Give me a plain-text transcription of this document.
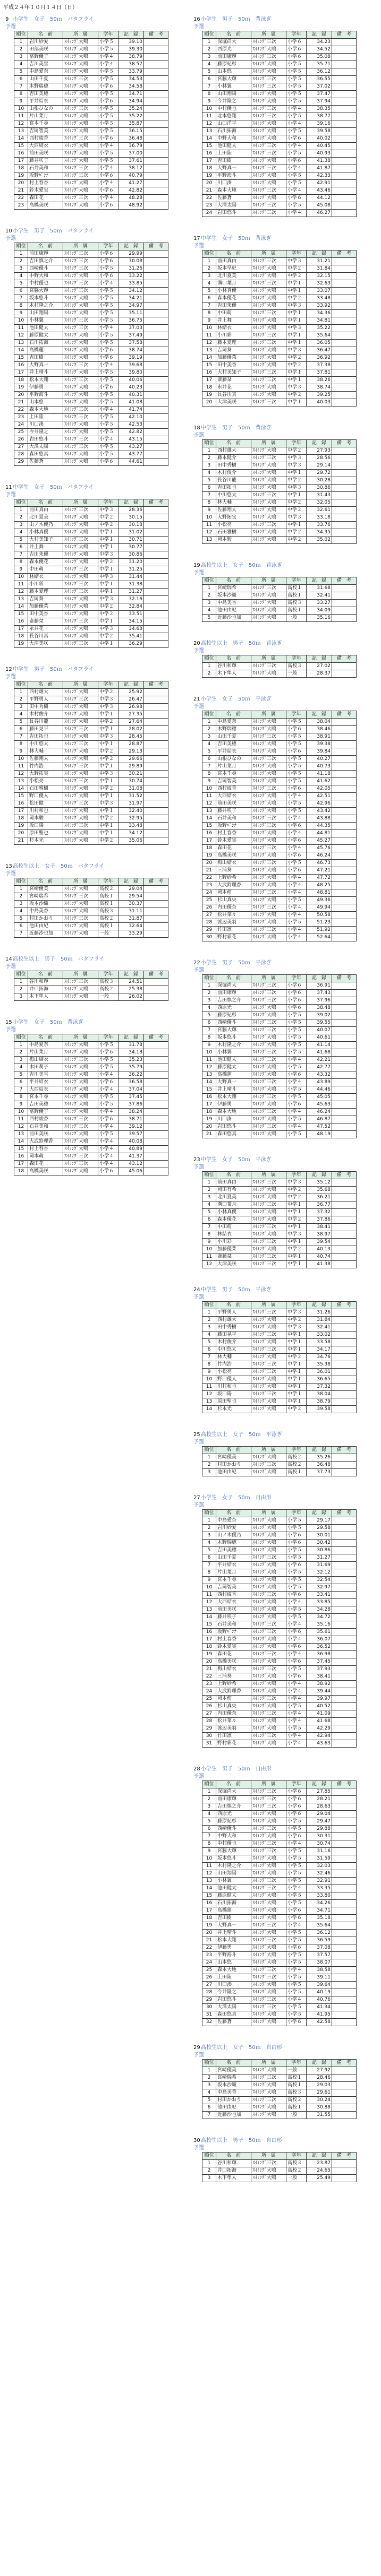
平成２４年１０月１４日（日）
9 小学生　女子　50ｍ　バタフライ
予選
順位	名　前	所　属	学年	記　録	備　考
1	岩川紗愛	ｽｲﾐﾝｸﾞ大鳴	小学５	39.10	
2	田部美咲	ｽｲﾐﾝｸﾞ大鳴	小学５	39.30	
3	冨野優子	ｽｲﾐﾝｸﾞ大鳴	小学４	38.79	
4	吉川美雪	ｽｲﾐﾝｸﾞ大鳴	小学４	38.57	
5	中島愛奈	ｽｲﾐﾝｸﾞ大鳴	小学５	33.79	
6	山田千夏	ｽｲﾐﾝｸﾞ三次	小学５	34.53	
7	木野瑞穂	ｽｲﾐﾝｸﾞ大鳴	小学６	34.58	
8	吉田美穂	ｽｲﾐﾝｸﾞ大鳴	小学５	34.71	
9	平井結衣	ｽｲﾐﾝｸﾞ大鳴	小学６	34.94	
10	山根ひなの	ｽｲﾐﾝｸﾞ三次	小学５	35.24	
11	片山菜月	ｽｲﾐﾝｸﾞ大鳴	小学５	35.22	
12	宮本千尋	ｽｲﾐﾝｸﾞ大鳴	小学５	35.87	
13	吉岡智美	ｽｲﾐﾝｸﾞ大鳴	小学５	36.15	
14	西村綾香	ｽｲﾐﾝｸﾞ三次	小学６	36.48	
15	大西結衣	ｽｲﾐﾝｸﾞ大鳴	小学４	36.79	
16	前田美咲	ｽｲﾐﾝｸﾞ大鳴	小学５	37.00	
17	藤井咲子	ｽｲﾐﾝｸﾞ大鳴	小学５	37.61	
18	石井美和	ｽｲﾐﾝｸﾞ三次	小学４	38.12	
19	坂野ﾊﾟﾝﾅ	ｽｲﾐﾝｸﾞ三次	小学６	40.79	
20	村上春香	ｽｲﾐﾝｸﾞ大鳴	小学４	41.27	
21	鈴木愛実	ｽｲﾐﾝｸﾞ大鳴	小学６	42.82	
22	森田花	ｽｲﾐﾝｸﾞ三次	小学４	48.28	
23	高橋美咲	ｽｲﾐﾝｸﾞ大鳴	小学６	48.92	
10小学生　男子　50ｍ　バタフライ
予選
順位	名　前	所　属	学年	記　録	備　考
1	前田康輝	ｽｲﾐﾝｸﾞ三次	小学６	29.99	
2	吉田慎之介	ｽｲﾐﾝｸﾞ三次	小学６	30.08	
3	西崎優斗	ｽｲﾐﾝｸﾞ三次	小学５	31.26	
4	中野大和	ｽｲﾐﾝｸﾞ大鳴	小学６	33.22	
5	中村優也	ｽｲﾐﾝｸﾞ三次	小学４	33.85	
6	宮脇大輝	ｽｲﾐﾝｸﾞ三次	小学５	34.12	
7	坂本悠斗	ｽｲﾐﾝｸﾞ大鳴	小学５	34.21	
8	木村隆之介	ｽｲﾐﾝｸﾞ大鳴	小学５	34.97	
9	山田翔陽	ｽｲﾐﾝｸﾞ大鳴	小学５	35.11	
10	小林翼	ｽｲﾐﾝｸﾞ三次	小学５	36.75	
11	池田健太	ｽｲﾐﾝｸﾞ三次	小学４	37.03	
12	藤原健太	ｽｲﾐﾝｸﾞ大鳴	小学５	37.49	
13	石川拓海	ｽｲﾐﾝｸﾞ大鳴	小学５	37.58	
14	高橋蓮	ｽｲﾐﾝｸﾞ大鳴	小学６	38.74	
15	吉田樹	ｽｲﾐﾝｸﾞ大鳴	小学６	39.19	
16	大野真一	ｽｲﾐﾝｸﾞ三次	小学４	39.68	
17	井上晴斗	ｽｲﾐﾝｸﾞ大鳴	小学５	39.80	
18	松本大翔	ｽｲﾐﾝｸﾞ三次	小学５	40.06	
19	伊藤勇	ｽｲﾐﾝｸﾞ大鳴	小学６	40.23	
20	平野海斗	ｽｲﾐﾝｸﾞ大鳴	小学５	40.31	
21	山本悠	ｽｲﾐﾝｸﾞ大鳴	小学５	41.08	
22	森本大地	ｽｲﾐﾝｸﾞ三次	小学４	41.74	
23	上田陸	ｽｲﾐﾝｸﾞ三次	小学５	42.10	
24	川口湊	ｽｲﾐﾝｸﾞ大鳴	小学５	42.53	
25	今井隆之	ｽｲﾐﾝｸﾞ大鳴	小学５	42.82	
26	岩田悠斗	ｽｲﾐﾝｸﾞ三次	小学４	43.15	
27	大澤太陽	ｽｲﾐﾝｸﾞ三次	小学５	43.27	
28	森田悠真	ｽｲﾐﾝｸﾞ大鳴	小学５	43.77	
29	佐藤蒼	ｽｲﾐﾝｸﾞ大鳴	小学６	44.61	
11中学生　女子　50ｍ　バタフライ
予選
順位	名　前	所　属	学年	記　録	備　考
1	前田真由	ｽｲﾐﾝｸﾞ三次	中学３	28.36	
2	北川夏美	ｽｲﾐﾝｸﾞ大鳴	中学２	30.15	
3	山ノ木優乃	ｽｲﾐﾝｸﾞ大鳴	中学２	30.18	
4	小林真優	ｽｲﾐﾝｸﾞ大鳴	中学１	31.02	
5	大村美知子	ｽｲﾐﾝｸﾞ三次	中学１	30.71	
6	井上舞	ｽｲﾐﾝｸﾞ大鳴	中学１	30.77	
7	吉田茉優	ｽｲﾐﾝｸﾞ大鳴	中学３	30.86	
8	森本優花	ｽｲﾐﾝｸﾞ大鳴	中学２	31.20	
9	中田萌	ｽｲﾐﾝｸﾞ三次	中学１	31.25	
10	林結衣	ｽｲﾐﾝｸﾞ大鳴	中学３	31.44	
11	小川彩	ｽｲﾐﾝｸﾞ三次	中学１	31.38	
12	藤本愛理	ｽｲﾐﾝｸﾞ三次	中学１	31.27	
13	吉岡葵	ｽｲﾐﾝｸﾞ大鳴	中学３	32.16	
14	加藤優菜	ｽｲﾐﾝｸﾞ大鳴	中学２	32.84	
15	田中美香	ｽｲﾐﾝｸﾞ大鳴	中学２	33.51	
16	斎藤栞	ｽｲﾐﾝｸﾞ三次	中学１	34.15	
17	永井花	ｽｲﾐﾝｸﾞ大鳴	中学３	34.68	
18	長谷川真	ｽｲﾐﾝｸﾞ大鳴	中学２	35.41	
19	大津美咲	ｽｲﾐﾝｸﾞ三次	中学１	36.29	
12中学生　男子　50ｍ　バタフライ
予選
順位	名　前	所　属	学年	記　録	備　考
1	西村雄大	ｽｲﾐﾝｸﾞ大鳴	中学２	25.92	
2	平野勇人	ｽｲﾐﾝｸﾞ三次	中学３	26.47	
3	田中秀樹	ｽｲﾐﾝｸﾞ大鳴	中学３	26.98	
4	木村俊介	ｽｲﾐﾝｸﾞ大鳴	中学１	27.35	
5	長谷川龍	ｽｲﾐﾝｸﾞ大鳴	中学２	27.64	
6	藤田晃平	ｽｲﾐﾝｸﾞ三次	中学１	28.02	
7	吉田拓也	ｽｲﾐﾝｸﾞ大鳴	中学３	28.45	
8	中川悠太	ｽｲﾐﾝｸﾞ三次	中学１	28.87	
9	林大輔	ｽｲﾐﾝｸﾞ大鳴	中学２	29.13	
10	佐藤翔太	ｽｲﾐﾝｸﾞ大鳴	中学２	29.66	
11	竹内浩	ｽｲﾐﾝｸﾞ三次	中学１	29.89	
12	大野拓実	ｽｲﾐﾝｸﾞ大鳴	中学３	30.21	
13	小松亮	ｽｲﾐﾝｸﾞ三次	中学１	30.74	
14	石田雅樹	ｽｲﾐﾝｸﾞ大鳴	中学２	31.08	
15	野口優人	ｽｲﾐﾝｸﾞ大鳴	中学１	31.52	
16	松田健	ｽｲﾐﾝｸﾞ三次	中学３	31.97	
17	川村和也	ｽｲﾐﾝｸﾞ大鳴	中学１	32.40	
18	岡本駿	ｽｲﾐﾝｸﾞ大鳴	中学２	32.95	
19	坂口陽	ｽｲﾐﾝｸﾞ三次	中学１	33.48	
20	原田聖也	ｽｲﾐﾝｸﾞ大鳴	中学１	34.12	
21	杉本光	ｽｲﾐﾝｸﾞ大鳴	中学２	35.06	
13高校生以上　女子　50ｍ　バタフライ
予選
順位	名　前	所　属	学年	記　録	備　考
1	宮崎優美	ｽｲﾐﾝｸﾞ大鳴	高校２	29.04	
2	宮崎瑞希	ｽｲﾐﾝｸﾞ三次	高校１	29.54	
3	坂本沙織	ｽｲﾐﾝｸﾞ大鳴	高校１	30.37	
4	中島美香	ｽｲﾐﾝｸﾞ大鳴	高校３	31.11	
5	村田かおり	ｽｲﾐﾝｸﾞ三次	高校２	31.87	
6	池田由紀	ｽｲﾐﾝｸﾞ大鳴	高校１	32.64	
7	近藤沙也加	ｽｲﾐﾝｸﾞ大鳴	一般	33.29	
14高校生以上　男子　50ｍ　バタフライ
予選
順位	名　前	所　属	学年	記　録	備　考
1	谷川和輝	ｽｲﾐﾝｸﾞ三次	高校３	24.51	
2	井口拓海	ｽｲﾐﾝｸﾞ大鳴	高校２	25.38	
3	木下隼人	ｽｲﾐﾝｸﾞ大鳴	一般	26.02	
15小学生　女子　50ｍ　背泳ぎ
予選
順位	名　前	所　属	学年	記　録	備　考
1	中島愛奈	ｽｲﾐﾝｸﾞ大鳴	小学５	31.78	
2	片山菜月	ｽｲﾐﾝｸﾞ大鳴	小学６	34.18	
3	梅山結衣	ｽｲﾐﾝｸﾞ三次	小学５	35.23	
4	木田莉子	ｽｲﾐﾝｸﾞ大鳴	小学５	35.79	
5	吉川美雪	ｽｲﾐﾝｸﾞ大鳴	小学４	36.22	
6	平井結衣	ｽｲﾐﾝｸﾞ大鳴	小学６	36.58	
7	大西結衣	ｽｲﾐﾝｸﾞ大鳴	小学４	37.04	
8	宮本千尋	ｽｲﾐﾝｸﾞ大鳴	小学５	37.45	
9	吉田美穂	ｽｲﾐﾝｸﾞ大鳴	小学５	37.86	
10	冨野優子	ｽｲﾐﾝｸﾞ大鳴	小学４	38.24	
11	西村綾香	ｽｲﾐﾝｸﾞ三次	小学６	38.71	
12	石井美和	ｽｲﾐﾝｸﾞ三次	小学４	39.12	
13	前田美咲	ｽｲﾐﾝｸﾞ大鳴	小学５	39.57	
14	大武鈴理香	ｽｲﾐﾝｸﾞ大鳴	小学４	40.08	
15	村上春香	ｽｲﾐﾝｸﾞ大鳴	小学４	40.89	
16	岡本萌	ｽｲﾐﾝｸﾞ三次	小学４	41.37	
17	森田花	ｽｲﾐﾝｸﾞ三次	小学４	43.12	
18	高橋美咲	ｽｲﾐﾝｸﾞ大鳴	小学６	45.06	
16小学生　男子　50ｍ　背泳ぎ
予選
順位	名　前	所　属	学年	記　録	備　考
1	深堀尚大	ｽｲﾐﾝｸﾞ三次	小学６	34.23	
2	西原光	ｽｲﾐﾝｸﾞ大鳴	小学６	34.52	
3	前田康輝	ｽｲﾐﾝｸﾞ三次	小学６	35.08	
4	藤原紀彰	ｽｲﾐﾝｸﾞ大鳴	小学５	35.71	
5	山本悠	ｽｲﾐﾝｸﾞ大鳴	小学５	36.12	
6	宮脇大輝	ｽｲﾐﾝｸﾞ三次	小学５	36.55	
7	小林翼	ｽｲﾐﾝｸﾞ三次	小学５	37.02	
8	山田翔陽	ｽｲﾐﾝｸﾞ大鳴	小学５	37.47	
9	今井隆之	ｽｲﾐﾝｸﾞ大鳴	小学５	37.94	
10	中村優也	ｽｲﾐﾝｸﾞ三次	小学４	38.35	
11	北本悠翔	ｽｲﾐﾝｸﾞ三次	小学５	38.77	
12	山口洋平	ｽｲﾐﾝｸﾞ大鳴	小学４	39.16	
13	石川拓海	ｽｲﾐﾝｸﾞ大鳴	小学５	39.58	
14	中野大和	ｽｲﾐﾝｸﾞ大鳴	小学６	40.02	
15	池田健太	ｽｲﾐﾝｸﾞ三次	小学４	40.45	
16	上田陸	ｽｲﾐﾝｸﾞ三次	小学５	40.93	
17	吉田樹	ｽｲﾐﾝｸﾞ大鳴	小学６	41.38	
18	大野真一	ｽｲﾐﾝｸﾞ三次	小学４	41.87	
19	平野海斗	ｽｲﾐﾝｸﾞ大鳴	小学５	42.33	
20	川口湊	ｽｲﾐﾝｸﾞ大鳴	小学５	42.91	
21	森本大地	ｽｲﾐﾝｸﾞ三次	小学４	43.46	
22	佐藤蒼	ｽｲﾐﾝｸﾞ大鳴	小学６	44.12	
23	大澤太陽	ｽｲﾐﾝｸﾞ三次	小学５	45.08	
24	岩田悠斗	ｽｲﾐﾝｸﾞ三次	小学４	46.27	
17中学生　女子　50ｍ　背泳ぎ
予選
順位	名　前	所　属	学年	記　録	備　考
1	前田真由	ｽｲﾐﾝｸﾞ三次	中学３	31.21	
2	坂本早紀	ｽｲﾐﾝｸﾞ大鳴	中学２	31.84	
3	北川夏美	ｽｲﾐﾝｸﾞ大鳴	中学２	32.15	
4	溝口葉月	ｽｲﾐﾝｸﾞ三次	中学１	32.63	
5	小林真優	ｽｲﾐﾝｸﾞ大鳴	中学１	33.07	
6	森本優花	ｽｲﾐﾝｸﾞ大鳴	中学２	33.48	
7	吉田茉優	ｽｲﾐﾝｸﾞ大鳴	中学３	33.92	
8	中田萌	ｽｲﾐﾝｸﾞ三次	中学１	34.36	
9	井上舞	ｽｲﾐﾝｸﾞ大鳴	中学１	34.81	
10	林結衣	ｽｲﾐﾝｸﾞ大鳴	中学３	35.22	
11	小川彩	ｽｲﾐﾝｸﾞ三次	中学１	35.64	
12	藤本愛理	ｽｲﾐﾝｸﾞ三次	中学１	36.05	
13	吉岡葵	ｽｲﾐﾝｸﾞ大鳴	中学３	36.47	
14	加藤優菜	ｽｲﾐﾝｸﾞ大鳴	中学２	36.92	
15	田中美香	ｽｲﾐﾝｸﾞ大鳴	中学２	37.38	
16	大村美知子	ｽｲﾐﾝｸﾞ三次	中学１	37.81	
17	斎藤栞	ｽｲﾐﾝｸﾞ三次	中学１	38.26	
18	永井花	ｽｲﾐﾝｸﾞ大鳴	中学３	38.74	
19	長谷川真	ｽｲﾐﾝｸﾞ大鳴	中学２	39.25	
20	大津美咲	ｽｲﾐﾝｸﾞ三次	中学１	40.03	
18中学生　男子　50ｍ　背泳ぎ
予選
順位	名　前	所　属	学年	記　録	備　考
1	西村雄大	ｽｲﾐﾝｸﾞ大鳴	中学２	27.93	
2	藤本健介	ｽｲﾐﾝｸﾞ三次	中学３	28.56	
3	田中秀樹	ｽｲﾐﾝｸﾞ大鳴	中学３	29.14	
4	木村俊介	ｽｲﾐﾝｸﾞ大鳴	中学１	29.72	
5	長谷川龍	ｽｲﾐﾝｸﾞ大鳴	中学２	30.28	
6	吉田拓也	ｽｲﾐﾝｸﾞ大鳴	中学３	30.86	
7	中川悠太	ｽｲﾐﾝｸﾞ三次	中学１	31.43	
8	林大輔	ｽｲﾐﾝｸﾞ大鳴	中学２	32.05	
9	佐藤翔太	ｽｲﾐﾝｸﾞ大鳴	中学２	32.61	
10	大野拓実	ｽｲﾐﾝｸﾞ大鳴	中学３	33.18	
11	小松亮	ｽｲﾐﾝｸﾞ三次	中学１	33.76	
12	石田雅樹	ｽｲﾐﾝｸﾞ大鳴	中学２	34.35	
13	岡本駿	ｽｲﾐﾝｸﾞ大鳴	中学２	35.02	
19高校生以上　女子　50ｍ　背泳ぎ
予選
順位	名　前	所　属	学年	記　録	備　考
1	宮崎瑞希	ｽｲﾐﾝｸﾞ三次	高校１	31.68	
2	坂本沙織	ｽｲﾐﾝｸﾞ大鳴	高校１	32.41	
3	中島美香	ｽｲﾐﾝｸﾞ大鳴	高校３	33.27	
4	池田由紀	ｽｲﾐﾝｸﾞ大鳴	高校１	34.09	
5	近藤沙也加	ｽｲﾐﾝｸﾞ大鳴	一般	35.16	
20高校生以上　男子　50ｍ　背泳ぎ
予選
順位	名　前	所　属	学年	記　録	備　考
1	谷川和輝	ｽｲﾐﾝｸﾞ三次	高校３	27.02	
2	木下隼人	ｽｲﾐﾝｸﾞ大鳴	一般	28.37	
21小学生　女子　50ｍ　平泳ぎ
予選
順位	名　前	所　属	学年	記　録	備　考
1	中島愛奈	ｽｲﾐﾝｸﾞ大鳴	小学５	38.04	
2	木野瑞穂	ｽｲﾐﾝｸﾞ大鳴	小学６	38.46	
3	山田千夏	ｽｲﾐﾝｸﾞ三次	小学５	38.91	
4	吉田美穂	ｽｲﾐﾝｸﾞ大鳴	小学５	39.38	
5	平井結衣	ｽｲﾐﾝｸﾞ大鳴	小学６	39.84	
6	山根ひなの	ｽｲﾐﾝｸﾞ三次	小学５	40.27	
7	片山菜月	ｽｲﾐﾝｸﾞ大鳴	小学５	40.73	
8	宮本千尋	ｽｲﾐﾝｸﾞ大鳴	小学５	41.18	
9	吉岡智美	ｽｲﾐﾝｸﾞ大鳴	小学５	41.62	
10	西村綾香	ｽｲﾐﾝｸﾞ三次	小学６	42.05	
11	大西結衣	ｽｲﾐﾝｸﾞ大鳴	小学４	42.51	
12	前田美咲	ｽｲﾐﾝｸﾞ大鳴	小学５	42.96	
13	藤井咲子	ｽｲﾐﾝｸﾞ大鳴	小学５	43.42	
14	石井美和	ｽｲﾐﾝｸﾞ三次	小学４	43.88	
15	坂野ﾊﾟﾝﾅ	ｽｲﾐﾝｸﾞ三次	小学６	44.35	
16	村上春香	ｽｲﾐﾝｸﾞ大鳴	小学４	44.81	
17	鈴木愛実	ｽｲﾐﾝｸﾞ大鳴	小学６	45.27	
18	森田花	ｽｲﾐﾝｸﾞ三次	小学４	45.76	
19	高橋美咲	ｽｲﾐﾝｸﾞ大鳴	小学６	46.24	
20	梅山結衣	ｽｲﾐﾝｸﾞ三次	小学５	46.73	
21	三浦葵	ｽｲﾐﾝｸﾞ大鳴	小学６	47.21	
22	上野紗希	ｽｲﾐﾝｸﾞ大鳴	小学４	47.72	
23	大武鈴理香	ｽｲﾐﾝｸﾞ大鳴	小学４	48.25	
24	岡本萌	ｽｲﾐﾝｸﾞ三次	小学４	48.81	
25	杉山真央	ｽｲﾐﾝｸﾞ大鳴	小学５	49.36	
26	内田優奈	ｽｲﾐﾝｸﾞ三次	小学４	49.94	
27	松井菜々	ｽｲﾐﾝｸﾞ大鳴	小学４	50.58	
28	渡辺美羽	ｽｲﾐﾝｸﾞ大鳴	小学５	51.23	
29	竹田凛	ｽｲﾐﾝｸﾞ三次	小学４	51.92	
30	野村彩花	ｽｲﾐﾝｸﾞ大鳴	小学４	52.64	
22小学生　男子　50ｍ　平泳ぎ
予選
順位	名　前	所　属	学年	記　録	備　考
1	深堀尚大	ｽｲﾐﾝｸﾞ三次	小学６	36.91	
2	前田康輝	ｽｲﾐﾝｸﾞ三次	小学６	37.43	
3	吉田慎之介	ｽｲﾐﾝｸﾞ三次	小学６	37.96	
4	西原光	ｽｲﾐﾝｸﾞ大鳴	小学６	38.48	
5	藤原紀彰	ｽｲﾐﾝｸﾞ大鳴	小学５	39.02	
6	西崎優斗	ｽｲﾐﾝｸﾞ三次	小学５	39.55	
7	宮脇大輝	ｽｲﾐﾝｸﾞ三次	小学５	40.07	
8	坂本悠斗	ｽｲﾐﾝｸﾞ大鳴	小学５	40.61	
9	木村隆之介	ｽｲﾐﾝｸﾞ大鳴	小学５	41.14	
10	小林翼	ｽｲﾐﾝｸﾞ三次	小学５	41.68	
11	池田健太	ｽｲﾐﾝｸﾞ三次	小学４	42.21	
12	藤原健太	ｽｲﾐﾝｸﾞ大鳴	小学５	42.77	
13	高橋蓮	ｽｲﾐﾝｸﾞ大鳴	小学６	43.32	
14	大野真一	ｽｲﾐﾝｸﾞ三次	小学４	43.89	
15	井上晴斗	ｽｲﾐﾝｸﾞ大鳴	小学５	44.46	
16	松本大翔	ｽｲﾐﾝｸﾞ三次	小学５	45.05	
17	伊藤勇	ｽｲﾐﾝｸﾞ大鳴	小学６	45.63	
18	森本大地	ｽｲﾐﾝｸﾞ三次	小学４	46.24	
19	川口湊	ｽｲﾐﾝｸﾞ大鳴	小学５	46.87	
20	岩田悠斗	ｽｲﾐﾝｸﾞ三次	小学４	47.52	
21	森田悠真	ｽｲﾐﾝｸﾞ大鳴	小学５	48.19	
23中学生　女子　50ｍ　平泳ぎ
予選
順位	名　前	所　属	学年	記　録	備　考
1	前田真由	ｽｲﾐﾝｸﾞ三次	中学３	35.12	
2	岡田有希	ｽｲﾐﾝｸﾞ大鳴	中学２	35.68	
3	北川夏美	ｽｲﾐﾝｸﾞ大鳴	中学２	36.21	
4	溝口葉月	ｽｲﾐﾝｸﾞ三次	中学１	36.77	
5	小林真優	ｽｲﾐﾝｸﾞ大鳴	中学１	37.32	
6	森本優花	ｽｲﾐﾝｸﾞ大鳴	中学２	37.86	
7	中田萌	ｽｲﾐﾝｸﾞ三次	中学１	38.41	
8	林結衣	ｽｲﾐﾝｸﾞ大鳴	中学３	38.97	
9	小川彩	ｽｲﾐﾝｸﾞ三次	中学１	39.54	
10	加藤優菜	ｽｲﾐﾝｸﾞ大鳴	中学２	40.13	
11	斎藤栞	ｽｲﾐﾝｸﾞ三次	中学１	40.74	
12	大津美咲	ｽｲﾐﾝｸﾞ三次	中学１	41.38	
24中学生　男子　50ｍ　平泳ぎ
予選
順位	名　前	所　属	学年	記　録	備　考
1	平野勇人	ｽｲﾐﾝｸﾞ三次	中学３	31.26	
2	西村雄大	ｽｲﾐﾝｸﾞ大鳴	中学２	31.84	
3	田中秀樹	ｽｲﾐﾝｸﾞ大鳴	中学３	32.41	
4	藤田晃平	ｽｲﾐﾝｸﾞ三次	中学１	33.02	
5	木村俊介	ｽｲﾐﾝｸﾞ大鳴	中学１	33.58	
6	中川悠太	ｽｲﾐﾝｸﾞ三次	中学１	34.17	
7	林大輔	ｽｲﾐﾝｸﾞ大鳴	中学２	34.76	
8	竹内浩	ｽｲﾐﾝｸﾞ三次	中学１	35.38	
9	小松亮	ｽｲﾐﾝｸﾞ三次	中学１	36.01	
10	野口優人	ｽｲﾐﾝｸﾞ大鳴	中学１	36.65	
11	川村和也	ｽｲﾐﾝｸﾞ大鳴	中学１	37.32	
12	坂口陽	ｽｲﾐﾝｸﾞ三次	中学１	38.04	
13	原田聖也	ｽｲﾐﾝｸﾞ大鳴	中学１	38.79	
14	杉本光	ｽｲﾐﾝｸﾞ大鳴	中学２	39.58	
25高校生以上　女子　50ｍ　平泳ぎ
予選
順位	名　前	所　属	学年	記　録	備　考
1	宮崎優美	ｽｲﾐﾝｸﾞ大鳴	高校２	35.26	
2	村田かおり	ｽｲﾐﾝｸﾞ三次	高校２	36.48	
3	池田由紀	ｽｲﾐﾝｸﾞ大鳴	高校１	37.73	
27小学生　女子　50ｍ　自由形
予選
順位	名　前	所　属	学年	記　録	備　考
1	中島愛奈	ｽｲﾐﾝｸﾞ大鳴	小学５	29.17	
2	岩川紗愛	ｽｲﾐﾝｸﾞ大鳴	小学５	29.58	
3	山ノ木優乃	ｽｲﾐﾝｸﾞ大鳴	小学６	30.01	
4	木野瑞穂	ｽｲﾐﾝｸﾞ大鳴	小学６	30.42	
5	吉田美穂	ｽｲﾐﾝｸﾞ大鳴	小学５	30.86	
6	山田千夏	ｽｲﾐﾝｸﾞ三次	小学５	31.27	
7	平井結衣	ｽｲﾐﾝｸﾞ大鳴	小学６	31.69	
8	片山菜月	ｽｲﾐﾝｸﾞ大鳴	小学５	32.12	
9	宮本千尋	ｽｲﾐﾝｸﾞ大鳴	小学５	32.54	
10	吉岡智美	ｽｲﾐﾝｸﾞ大鳴	小学５	32.97	
11	西村綾香	ｽｲﾐﾝｸﾞ三次	小学６	33.41	
12	大西結衣	ｽｲﾐﾝｸﾞ大鳴	小学４	33.85	
13	前田美咲	ｽｲﾐﾝｸﾞ大鳴	小学５	34.28	
14	藤井咲子	ｽｲﾐﾝｸﾞ大鳴	小学５	34.72	
15	石井美和	ｽｲﾐﾝｸﾞ三次	小学４	35.16	
16	坂野ﾊﾟﾝﾅ	ｽｲﾐﾝｸﾞ三次	小学６	35.61	
17	村上春香	ｽｲﾐﾝｸﾞ大鳴	小学４	36.07	
18	鈴木愛実	ｽｲﾐﾝｸﾞ大鳴	小学６	36.52	
19	森田花	ｽｲﾐﾝｸﾞ三次	小学４	36.98	
20	高橋美咲	ｽｲﾐﾝｸﾞ大鳴	小学６	37.45	
21	梅山結衣	ｽｲﾐﾝｸﾞ三次	小学５	37.93	
22	三浦葵	ｽｲﾐﾝｸﾞ大鳴	小学６	38.41	
23	上野紗希	ｽｲﾐﾝｸﾞ大鳴	小学４	38.92	
24	大武鈴理香	ｽｲﾐﾝｸﾞ大鳴	小学４	39.44	
25	岡本萌	ｽｲﾐﾝｸﾞ三次	小学４	39.97	
26	杉山真央	ｽｲﾐﾝｸﾞ大鳴	小学５	40.52	
27	内田優奈	ｽｲﾐﾝｸﾞ三次	小学４	41.09	
28	松井菜々	ｽｲﾐﾝｸﾞ大鳴	小学４	41.68	
29	渡辺美羽	ｽｲﾐﾝｸﾞ大鳴	小学５	42.29	
30	竹田凛	ｽｲﾐﾝｸﾞ三次	小学４	42.94	
31	野村彩花	ｽｲﾐﾝｸﾞ大鳴	小学４	43.63	
28小学生　男子　50ｍ　自由形
予選
順位	名　前	所　属	学年	記　録	備　考
1	深堀尚大	ｽｲﾐﾝｸﾞ三次	小学６	27.85	
2	前田康輝	ｽｲﾐﾝｸﾞ三次	小学６	28.21	
3	吉田慎之介	ｽｲﾐﾝｸﾞ三次	小学６	28.63	
4	西原光	ｽｲﾐﾝｸﾞ大鳴	小学６	29.04	
5	藤原紀彰	ｽｲﾐﾝｸﾞ大鳴	小学５	29.47	
6	西崎優斗	ｽｲﾐﾝｸﾞ三次	小学５	29.88	
7	中野大和	ｽｲﾐﾝｸﾞ大鳴	小学６	30.31	
8	中村優也	ｽｲﾐﾝｸﾞ三次	小学４	30.74	
9	宮脇大輝	ｽｲﾐﾝｸﾞ三次	小学５	31.16	
10	坂本悠斗	ｽｲﾐﾝｸﾞ大鳴	小学５	31.59	
11	木村隆之介	ｽｲﾐﾝｸﾞ大鳴	小学５	32.03	
12	山田翔陽	ｽｲﾐﾝｸﾞ大鳴	小学５	32.46	
13	小林翼	ｽｲﾐﾝｸﾞ三次	小学５	32.91	
14	池田健太	ｽｲﾐﾝｸﾞ三次	小学４	33.35	
15	藤原健太	ｽｲﾐﾝｸﾞ大鳴	小学５	33.80	
16	石川拓海	ｽｲﾐﾝｸﾞ大鳴	小学５	34.26	
17	高橋蓮	ｽｲﾐﾝｸﾞ大鳴	小学６	34.71	
18	吉田樹	ｽｲﾐﾝｸﾞ大鳴	小学６	35.18	
19	大野真一	ｽｲﾐﾝｸﾞ三次	小学４	35.64	
20	井上晴斗	ｽｲﾐﾝｸﾞ大鳴	小学５	36.12	
21	松本大翔	ｽｲﾐﾝｸﾞ三次	小学５	36.59	
22	伊藤勇	ｽｲﾐﾝｸﾞ大鳴	小学６	37.08	
23	平野海斗	ｽｲﾐﾝｸﾞ大鳴	小学５	37.57	
24	山本悠	ｽｲﾐﾝｸﾞ大鳴	小学５	38.07	
25	森本大地	ｽｲﾐﾝｸﾞ三次	小学４	38.58	
26	上田陸	ｽｲﾐﾝｸﾞ三次	小学５	39.11	
27	川口湊	ｽｲﾐﾝｸﾞ大鳴	小学５	39.64	
28	今井隆之	ｽｲﾐﾝｸﾞ大鳴	小学５	40.19	
29	岩田悠斗	ｽｲﾐﾝｸﾞ三次	小学４	40.76	
30	大澤太陽	ｽｲﾐﾝｸﾞ三次	小学５	41.34	
31	森田悠真	ｽｲﾐﾝｸﾞ大鳴	小学５	41.95	
32	佐藤蒼	ｽｲﾐﾝｸﾞ大鳴	小学６	42.58	
29高校生以上　女子　50ｍ　自由形
予選
順位	名　前	所　属	学年	記　録	備　考
1	宮崎優美	ｽｲﾐﾝｸﾞ大鳴	一般	27.92	
2	宮崎瑞希	ｽｲﾐﾝｸﾞ三次	高校１	28.46	
3	坂本沙織	ｽｲﾐﾝｸﾞ大鳴	高校１	29.03	
4	中島美香	ｽｲﾐﾝｸﾞ大鳴	高校３	29.61	
5	村田かおり	ｽｲﾐﾝｸﾞ三次	高校２	30.24	
6	池田由紀	ｽｲﾐﾝｸﾞ大鳴	高校１	30.88	
7	近藤沙也加	ｽｲﾐﾝｸﾞ大鳴	一般	31.55	
30高校生以上　男子　50ｍ　自由形
予選
順位	名　前	所　属	学年	記　録	備　考
1	谷川和輝	ｽｲﾐﾝｸﾞ三次	高校３	23.87	
2	井口拓海	ｽｲﾐﾝｸﾞ大鳴	高校２	24.65	
3	木下隼人	ｽｲﾐﾝｸﾞ大鳴	一般	25.49	
